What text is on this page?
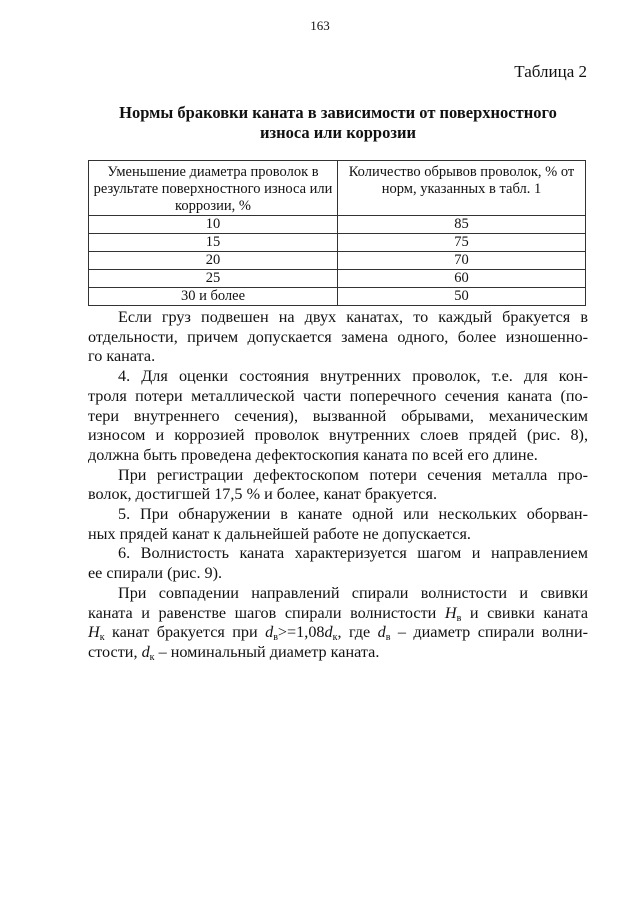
163
Таблица 2
Нормы браковки каната в зависимости от поверхностного
износа или коррозии
Уменьшение диаметра проволок в результате поверхностного износа или коррозии, %	Количество обрывов проволок, % от норм, указанных в табл. 1
10	85
15	75
20	70
25	60
30 и более	50
Если груз подвешен на двух канатах, то каждый бракуется в
отдельности, причем допускается замена одного, более изношенно-
го каната.
4. Для оценки состояния внутренних проволок, т.е. для кон-
троля потери металлической части поперечного сечения каната (по-
тери внутреннего сечения), вызванной обрывами, механическим
износом и коррозией проволок внутренних слоев прядей (рис. 8),
должна быть проведена дефектоскопия каната по всей его длине.
При регистрации дефектоскопом потери сечения металла про-
волок, достигшей 17,5 % и более, канат бракуется.
5. При обнаружении в канате одной или нескольких оборван-
ных прядей канат к дальнейшей работе не допускается.
6. Волнистость каната характеризуется шагом и направлением
ее спирали (рис. 9).
При совпадении направлений спирали волнистости и свивки
каната и равенстве шагов спирали волнистости $H_в$ и свивки каната
$H_к$ канат бракуется при $d_в>=1,08d_к$, где $d_в$ – диаметр спирали волни-
стости, $d_к$ – номинальный диаметр каната.
